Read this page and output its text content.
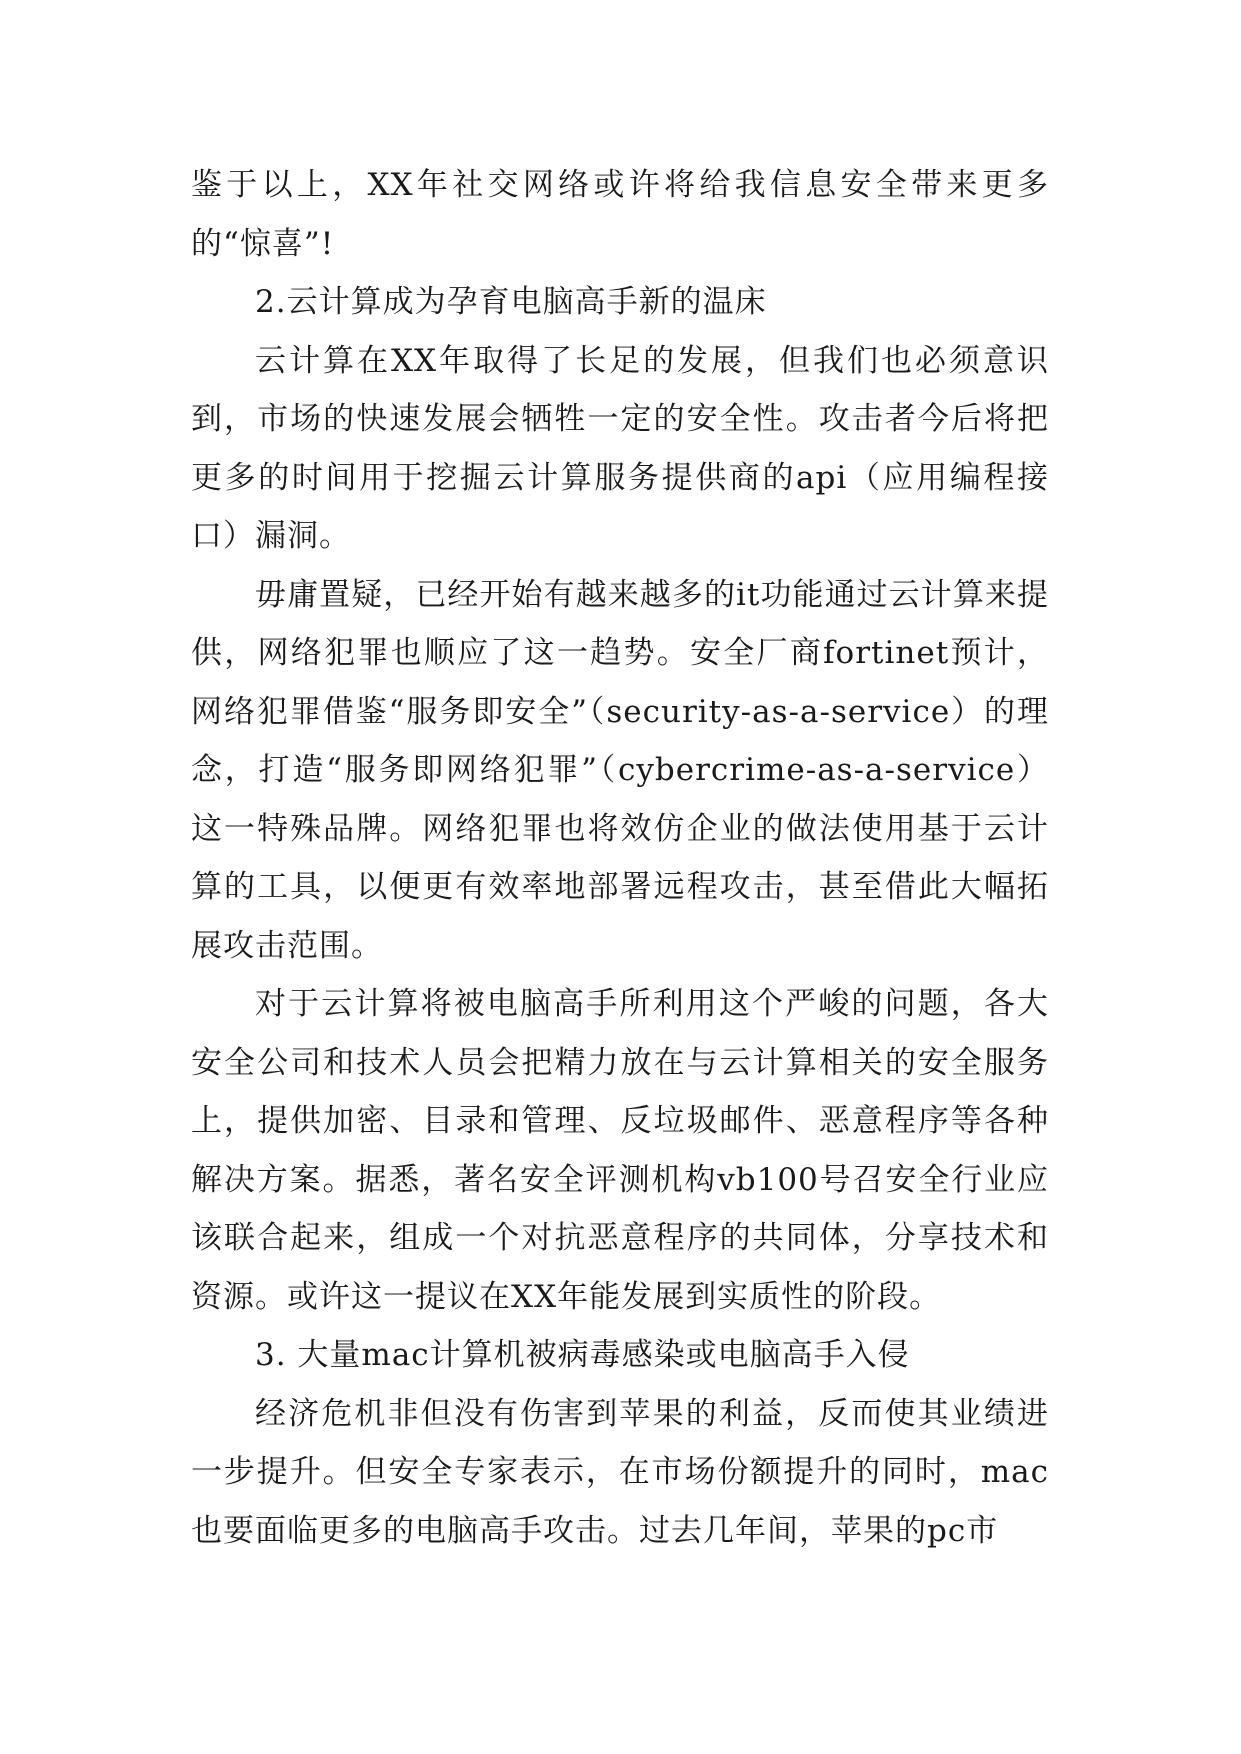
鉴于以上，XX年社交网络或许将给我信息安全带来更多的“惊喜”!

2.云计算成为孕育电脑高手新的温床

云计算在XX年取得了长足的发展，但我们也必须意识到，市场的快速发展会牺牲一定的安全性。攻击者今后将把更多的时间用于挖掘云计算服务提供商的api（应用编程接口）漏洞。

毋庸置疑，已经开始有越来越多的it功能通过云计算来提供，网络犯罪也顺应了这一趋势。安全厂商fortinet预计，网络犯罪借鉴“服务即安全”（security-as-a-service）的理念，打造“服务即网络犯罪”（cybercrime-as-a-service）这一特殊品牌。网络犯罪也将效仿企业的做法使用基于云计算的工具，以便更有效率地部署远程攻击，甚至借此大幅拓展攻击范围。

对于云计算将被电脑高手所利用这个严峻的问题，各大安全公司和技术人员会把精力放在与云计算相关的安全服务上，提供加密、目录和管理、反垃圾邮件、恶意程序等各种解决方案。据悉，著名安全评测机构vb100号召安全行业应该联合起来，组成一个对抗恶意程序的共同体，分享技术和资源。或许这一提议在XX年能发展到实质性的阶段。

3. 大量mac计算机被病毒感染或电脑高手入侵

经济危机非但没有伤害到苹果的利益，反而使其业绩进一步提升。但安全专家表示，在市场份额提升的同时，mac也要面临更多的电脑高手攻击。过去几年间，苹果的pc市
